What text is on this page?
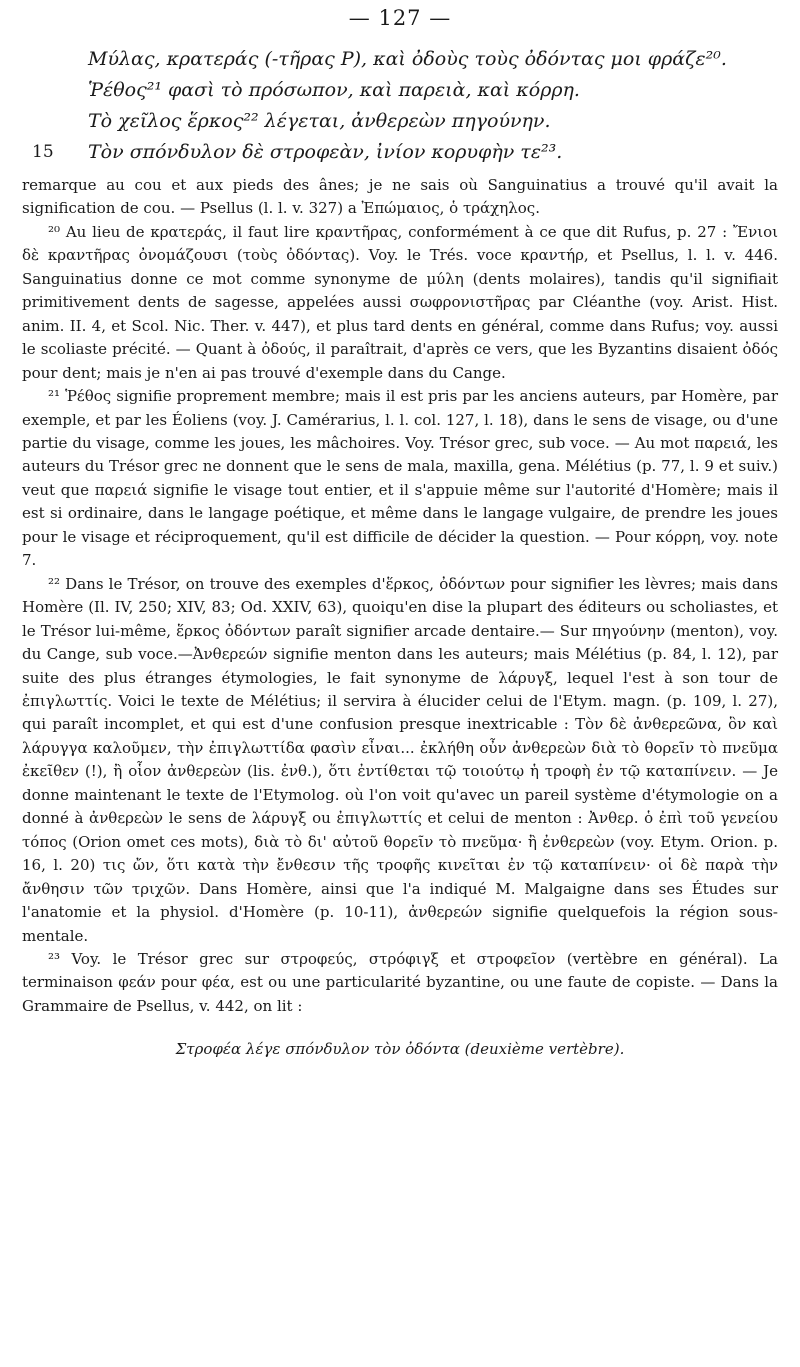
— 127 —
Μύλας, κρατεράς (-τῆρας P), καὶ ὀδοὺς τοὺς ὀδόντας μοι φράζε²⁰.
Ῥέθος²¹ φασὶ τὸ πρόσωπον, καὶ παρειὰ, καὶ κόρρη.
Τὸ χεῖλος ἕρκος²² λέγεται, ἀνθερεὼν πηγούνην.
15 Τὸν σπόνδυλον δὲ στροφεὰν, ἰνίον κορυφὴν τε²³.

remarque au cou et aux pieds des ânes; je ne sais où Sanguinatius a trouvé qu'il avait la signification de cou. — Psellus (l. l. v. 327) a Ἐπώμαιος, ὁ τράχηλος.

²⁰ Au lieu de κρατεράς, il faut lire κραντῆρας, conformément à ce que dit Rufus, p. 27 : Ἔνιοι δὲ κραντῆρας ὀνομάζουσι (τοὺς ὀδόντας). Voy. le Trés. voce κραντήρ, et Psellus, l. l. v. 446. Sanguinatius donne ce mot comme synonyme de μύλη (dents molaires), tandis qu'il signifiait primitivement dents de sagesse, appelées aussi σωφρονιστῆρας par Cléanthe (voy. Arist. Hist. anim. II. 4, et Scol. Nic. Ther. v. 447), et plus tard dents en général, comme dans Rufus; voy. aussi le scoliaste précité. — Quant à ὀδούς, il paraîtrait, d'après ce vers, que les Byzantins disaient ὀδός pour dent; mais je n'en ai pas trouvé d'exemple dans du Cange.

²¹ Ῥέθος signifie proprement membre; mais il est pris par les anciens auteurs, par Homère, par exemple, et par les Éoliens (voy. J. Camérarius, l. l. col. 127, l. 18), dans le sens de visage, ou d'une partie du visage, comme les joues, les mâchoires. Voy. Trésor grec, sub voce. — Au mot παρειά, les auteurs du Trésor grec ne donnent que le sens de mala, maxilla, gena. Mélétius (p. 77, l. 9 et suiv.) veut que παρειά signifie le visage tout entier, et il s'appuie même sur l'autorité d'Homère; mais il est si ordinaire, dans le langage poétique, et même dans le langage vulgaire, de prendre les joues pour le visage et réciproquement, qu'il est difficile de décider la question. — Pour κόρρη, voy. note 7.

²² Dans le Trésor, on trouve des exemples d'ἕρκος, ὀδόντων pour signifier les lèvres; mais dans Homère (Il. IV, 250; XIV, 83; Od. XXIV, 63), quoiqu'en dise la plupart des éditeurs ou scholiastes, et le Trésor lui-même, ἕρκος ὀδόντων paraît signifier arcade dentaire.— Sur πηγούνην (menton), voy. du Cange, sub voce.—Ἀνθερεών signifie menton dans les auteurs; mais Mélétius (p. 84, l. 12), par suite des plus étranges étymologies, le fait synonyme de λάρυγξ, lequel l'est à son tour de ἐπιγλωττίς. Voici le texte de Mélétius; il servira à élucider celui de l'Etym. magn. (p. 109, l. 27), qui paraît incomplet, et qui est d'une confusion presque inextricable : Τὸν δὲ ἀνθερεῶνα, ὃν καὶ λάρυγγα καλοῦμεν, τὴν ἐπιγλωττίδα φασὶν εἶναι... ἐκλήθη οὖν ἀνθερεὼν διὰ τὸ θορεῖν τὸ πνεῦμα ἐκεῖθεν (!), ἢ οἷον ἀνθερεὼν (lis. ἐνθ.), ὅτι ἐντίθεται τῷ τοιούτῳ ἡ τροφὴ ἐν τῷ καταπίνειν. — Je donne maintenant le texte de l'Etymolog. où l'on voit qu'avec un pareil système d'étymologie on a donné à ἀνθερεὼν le sens de λάρυγξ ou ἐπιγλωττίς et celui de menton : Ἀνθερ. ὁ ἐπὶ τοῦ γενείου τόπος (Orion omet ces mots), διὰ τὸ δι' αὐτοῦ θορεῖν τὸ πνεῦμα· ἢ ἐνθερεὼν (voy. Etym. Orion. p. 16, l. 20) τις ὤν, ὅτι κατὰ τὴν ἔνθεσιν τῆς τροφῆς κινεῖται ἐν τῷ καταπίνειν· οἱ δὲ παρὰ τὴν ἄνθησιν τῶν τριχῶν. Dans Homère, ainsi que l'a indiqué M. Malgaigne dans ses Études sur l'anatomie et la physiol. d'Homère (p. 10-11), ἀνθερεών signifie quelquefois la région sous-mentale.

²³ Voy. le Trésor grec sur στροφεύς, στρόφιγξ et στροφεῖον (vertèbre en général). La terminaison φεάν pour φέα, est ou une particularité byzantine, ou une faute de copiste. — Dans la Grammaire de Psellus, v. 442, on lit :

Στροφέα λέγε σπόνδυλον τὸν ὀδόντα (deuxième vertèbre).
